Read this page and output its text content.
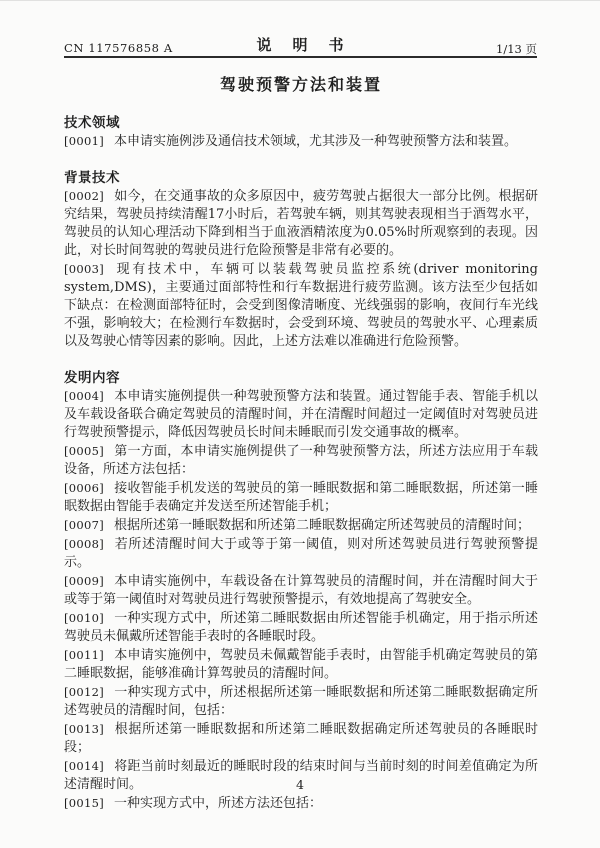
CN 117576858 A	说明书	1/13 页
驾驶预警方法和装置
技术领域

[0001] 本申请实施例涉及通信技术领域，尤其涉及一种驾驶预警方法和装置。

背景技术

[0002] 如今，在交通事故的众多原因中，疲劳驾驶占据很大一部分比例。根据研究结果，驾驶员持续清醒17小时后，若驾驶车辆，则其驾驶表现相当于酒驾水平，驾驶员的认知心理活动下降到相当于血液酒精浓度为0.05%时所观察到的表现。因此，对长时间驾驶的驾驶员进行危险预警是非常有必要的。

[0003] 现有技术中，车辆可以装载驾驶员监控系统(driver monitoring system,DMS)，主要通过面部特性和行车数据进行疲劳监测。该方法至少包括如下缺点：在检测面部特征时，会受到图像清晰度、光线强弱的影响，夜间行车光线不强，影响较大；在检测行车数据时，会受到环境、驾驶员的驾驶水平、心理素质以及驾驶心情等因素的影响。因此，上述方法难以准确进行危险预警。

发明内容

[0004] 本申请实施例提供一种驾驶预警方法和装置。通过智能手表、智能手机以及车载设备联合确定驾驶员的清醒时间，并在清醒时间超过一定阈值时对驾驶员进行驾驶预警提示，降低因驾驶员长时间未睡眠而引发交通事故的概率。

[0005] 第一方面，本申请实施例提供了一种驾驶预警方法，所述方法应用于车载设备，所述方法包括：

[0006] 接收智能手机发送的驾驶员的第一睡眠数据和第二睡眠数据，所述第一睡眠数据由智能手表确定并发送至所述智能手机；

[0007] 根据所述第一睡眠数据和所述第二睡眠数据确定所述驾驶员的清醒时间；

[0008] 若所述清醒时间大于或等于第一阈值，则对所述驾驶员进行驾驶预警提示。

[0009] 本申请实施例中，车载设备在计算驾驶员的清醒时间，并在清醒时间大于或等于第一阈值时对驾驶员进行驾驶预警提示，有效地提高了驾驶安全。

[0010] 一种实现方式中，所述第二睡眠数据由所述智能手机确定，用于指示所述驾驶员未佩戴所述智能手表时的各睡眠时段。

[0011] 本申请实施例中，驾驶员未佩戴智能手表时，由智能手机确定驾驶员的第二睡眠数据，能够准确计算驾驶员的清醒时间。

[0012] 一种实现方式中，所述根据所述第一睡眠数据和所述第二睡眠数据确定所述驾驶员的清醒时间，包括：

[0013] 根据所述第一睡眠数据和所述第二睡眠数据确定所述驾驶员的各睡眠时段；

[0014] 将距当前时刻最近的睡眠时段的结束时间与当前时刻的时间差值确定为所述清醒时间。

[0015] 一种实现方式中，所述方法还包括：

4
